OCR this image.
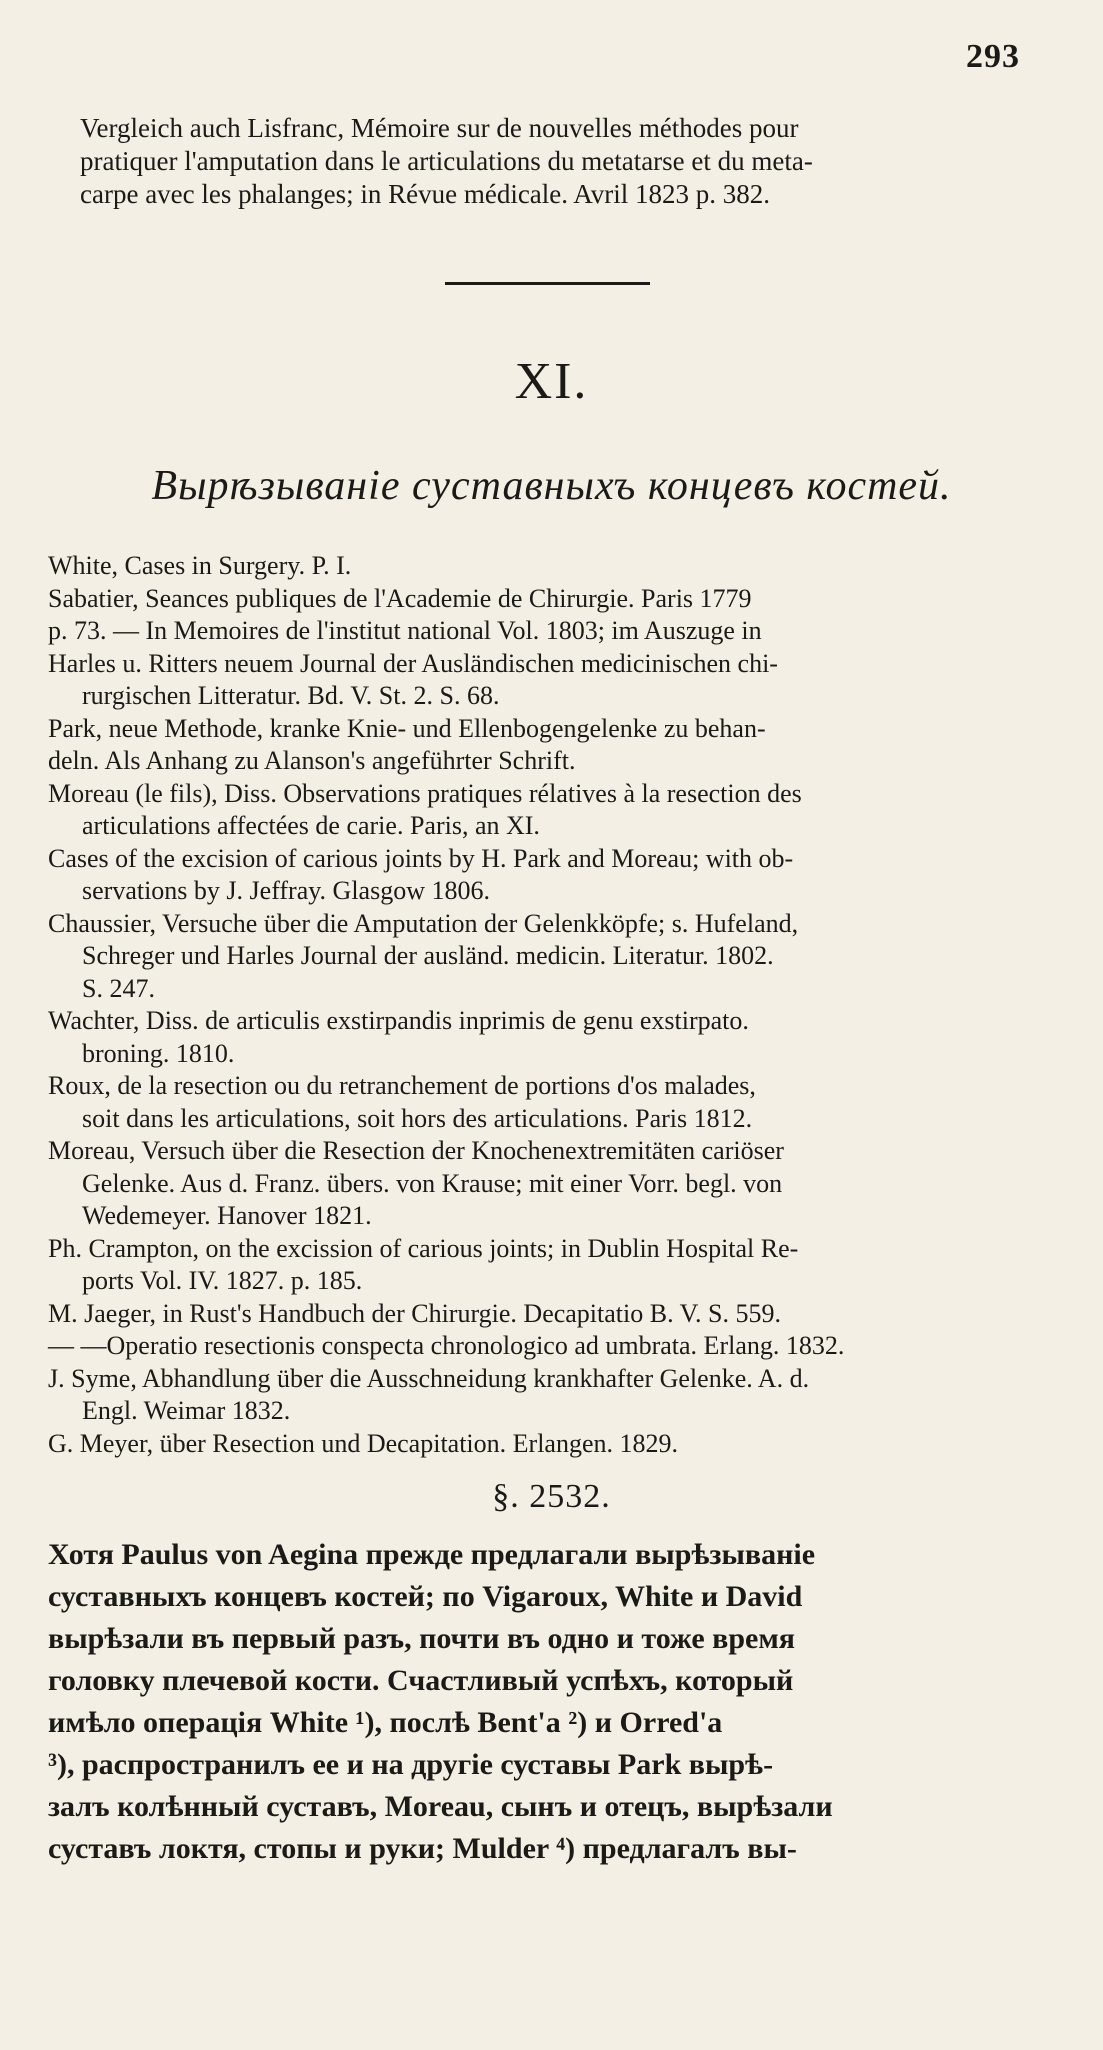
293
Vergleich auch Lisfranc, Mémoire sur de nouvelles méthodes pour
pratiquer l'amputation dans le articulations du metatarse et du meta-
carpe avec les phalanges; in Révue médicale. Avril 1823 p. 382.
XI.
Вырѣзыванie суставныхъ концевъ костей.
White, Cases in Surgery. P. I.
Sabatier, Seances publiques de l'Academie de Chirurgie. Paris 1779
p. 73. — In Memoires de l'institut national Vol. 1803; im Auszuge in
Harles u. Ritters neuem Journal der Ausländischen medicinischen chi-
rurgischen Litteratur. Bd. V. St. 2. S. 68.
Park, neue Methode, kranke Knie- und Ellenbogengelenke zu behan-
deln. Als Anhang zu Alanson's angeführter Schrift.
Moreau (le fils), Diss. Observations pratiques rélatives à la resection des
articulations affectées de carie. Paris, an XI.
Cases of the excision of carious joints by H. Park and Moreau; with ob-
servations by J. Jeffray. Glasgow 1806.
Chaussier, Versuche über die Amputation der Gelenkköpfe; s. Hufeland,
Schreger und Harles Journal der ausländ. medicin. Literatur. 1802.
S. 247.
Wachter, Diss. de articulis exstirpandis inprimis de genu exstirpato.
broning. 1810.
Roux, de la resection ou du retranchement de portions d'os malades,
soit dans les articulations, soit hors des articulations. Paris 1812.
Moreau, Versuch über die Resection der Knochenextremitäten cariöser
Gelenke. Aus d. Franz. übers. von Krause; mit einer Vorr. begl. von
Wedemeyer. Hanover 1821.
Ph. Crampton, on the excission of carious joints; in Dublin Hospital Re-
ports Vol. IV. 1827. p. 185.
M. Jaeger, in Rust's Handbuch der Chirurgie. Decapitatio B. V. S. 559.
— —Operatio resectionis conspecta chronologico ad umbrata. Erlang. 1832.
J. Syme, Abhandlung über die Ausschneidung krankhafter Gelenke. A. d.
Engl. Weimar 1832.
G. Meyer, über Resection und Decapitation. Erlangen. 1829.
§. 2532.
Хотя Paulus von Aegina прежде предлагали вырѣзыванie
суставныхъ концевъ костей; по Vigaroux, White и David
вырѣзали въ первый разъ, почти въ одно и тоже время
головку плечевой кости. Счастливый успѣхъ, который
имѣло операцiя White ¹), послѣ Bent'a ²) и Orred'a
³), распространилъ ее и на другiе суставы Park вырѣ-
залъ колѣнный суставъ, Moreau, сынъ и отецъ, вырѣзали
суставъ локтя, стопы и руки; Mulder ⁴) предлагалъ вы-
